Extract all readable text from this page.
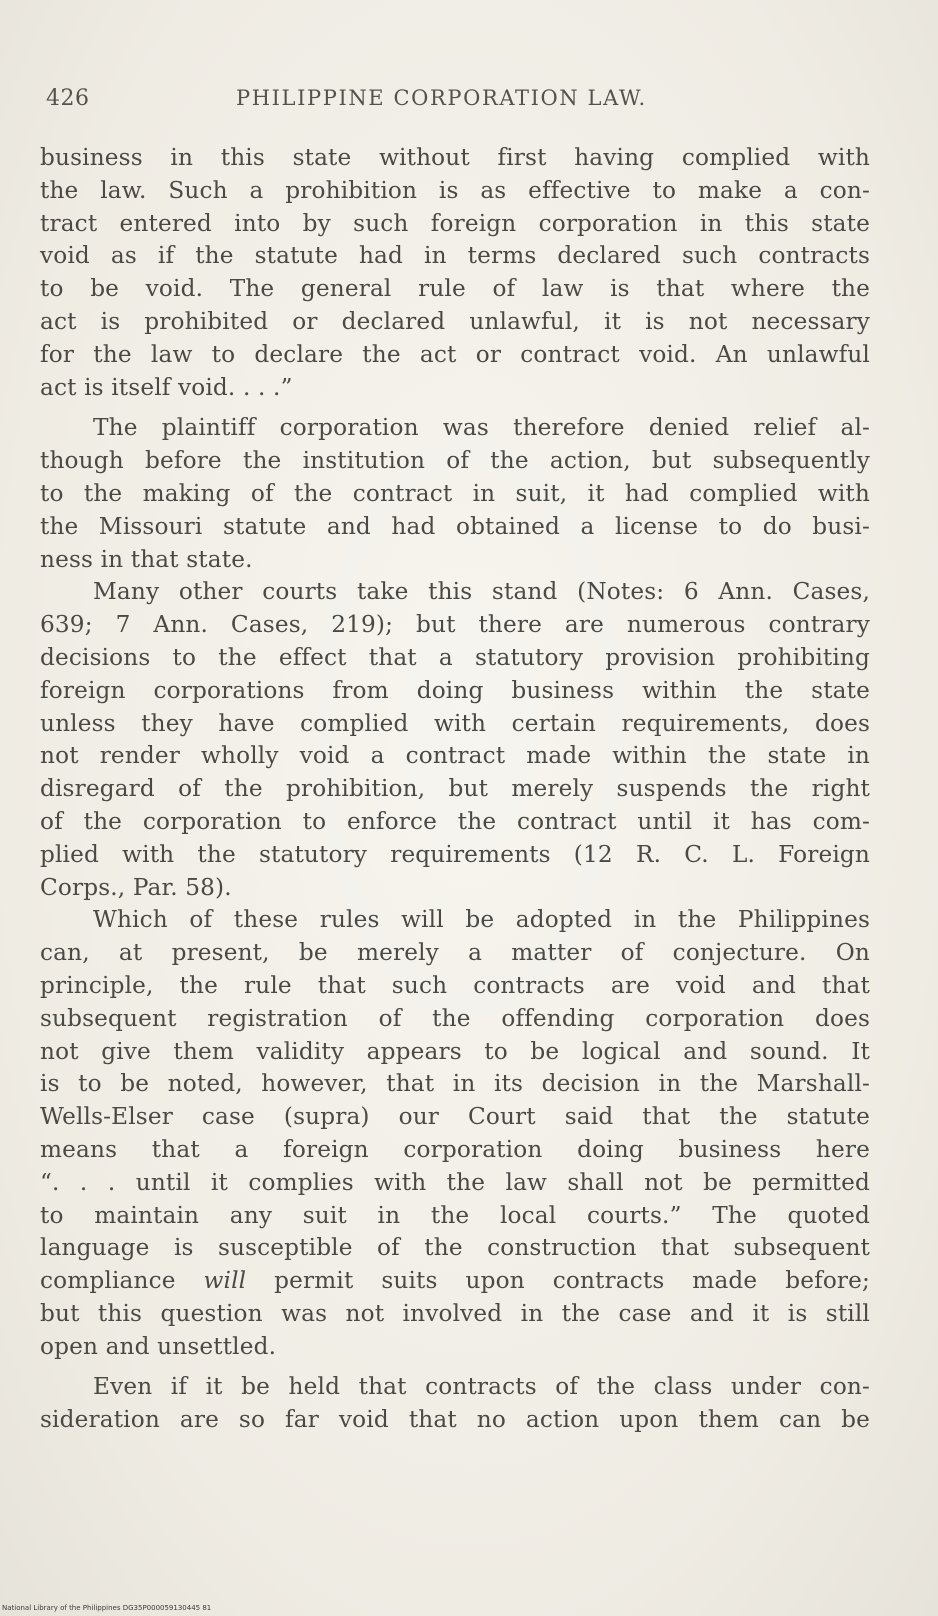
426	PHILIPPINE CORPORATION LAW.
business in this state without first having complied with
the law. Such a prohibition is as effective to make a con-
tract entered into by such foreign corporation in this state
void as if the statute had in terms declared such contracts
to be void. The general rule of law is that where the
act is prohibited or declared unlawful, it is not necessary
for the law to declare the act or contract void. An unlawful
act is itself void. . . .”
The plaintiff corporation was therefore denied relief al-
though before the institution of the action, but subsequently
to the making of the contract in suit, it had complied with
the Missouri statute and had obtained a license to do busi-
ness in that state.
Many other courts take this stand (Notes: 6 Ann. Cases,
639; 7 Ann. Cases, 219); but there are numerous contrary
decisions to the effect that a statutory provision prohibiting
foreign corporations from doing business within the state
unless they have complied with certain requirements, does
not render wholly void a contract made within the state in
disregard of the prohibition, but merely suspends the right
of the corporation to enforce the contract until it has com-
plied with the statutory requirements (12 R. C. L. Foreign
Corps., Par. 58).
Which of these rules will be adopted in the Philippines
can, at present, be merely a matter of conjecture. On
principle, the rule that such contracts are void and that
subsequent registration of the offending corporation does
not give them validity appears to be logical and sound. It
is to be noted, however, that in its decision in the Marshall-
Wells-Elser case (supra) our Court said that the statute
means that a foreign corporation doing business here
“. . . until it complies with the law shall not be permitted
to maintain any suit in the local courts.” The quoted
language is susceptible of the construction that subsequent
compliance will permit suits upon contracts made before;
but this question was not involved in the case and it is still
open and unsettled.
Even if it be held that contracts of the class under con-
sideration are so far void that no action upon them can be
National Library of the Philippines DG35P000059130445 81
